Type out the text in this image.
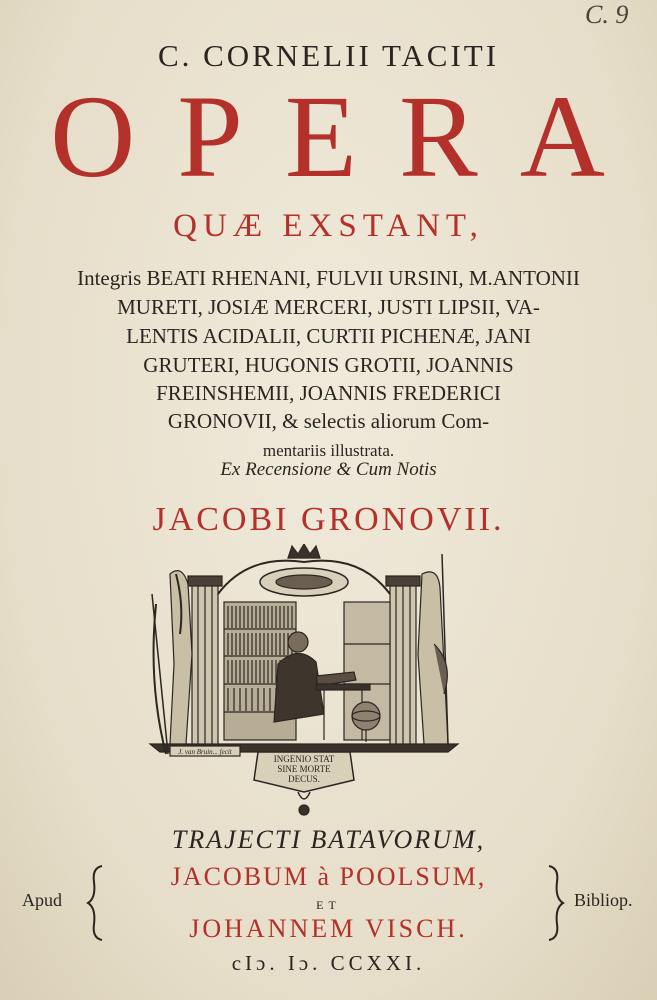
C. 9
C. CORNELII TACITI
OPERA
QUÆ EXSTANT,
Integris BEATI RHENANI, FULVII URSINI, M.ANTONII
MURETI, JOSIÆ MERCERI, JUSTI LIPSII, VA-
LENTIS ACIDALII, CURTII PICHENÆ, JANI
GRUTERI, HUGONIS GROTII, JOANNIS
FREINSHEMII, JOANNIS FREDERICI
GRONOVII, & selectis aliorum Com-
mentariis illustrata.
Ex Recensione & Cum Notis
JACOBI GRONOVII.
INGENIO STAT
SINE MORTE
DECUS.
J. van Bruin... fecit
TRAJECTI BATAVORUM,
Apud
JACOBUM à POOLSUM,
ET
JOHANNEM VISCH.
Bibliop.
cIɔ. Iɔ. CCXXI.
